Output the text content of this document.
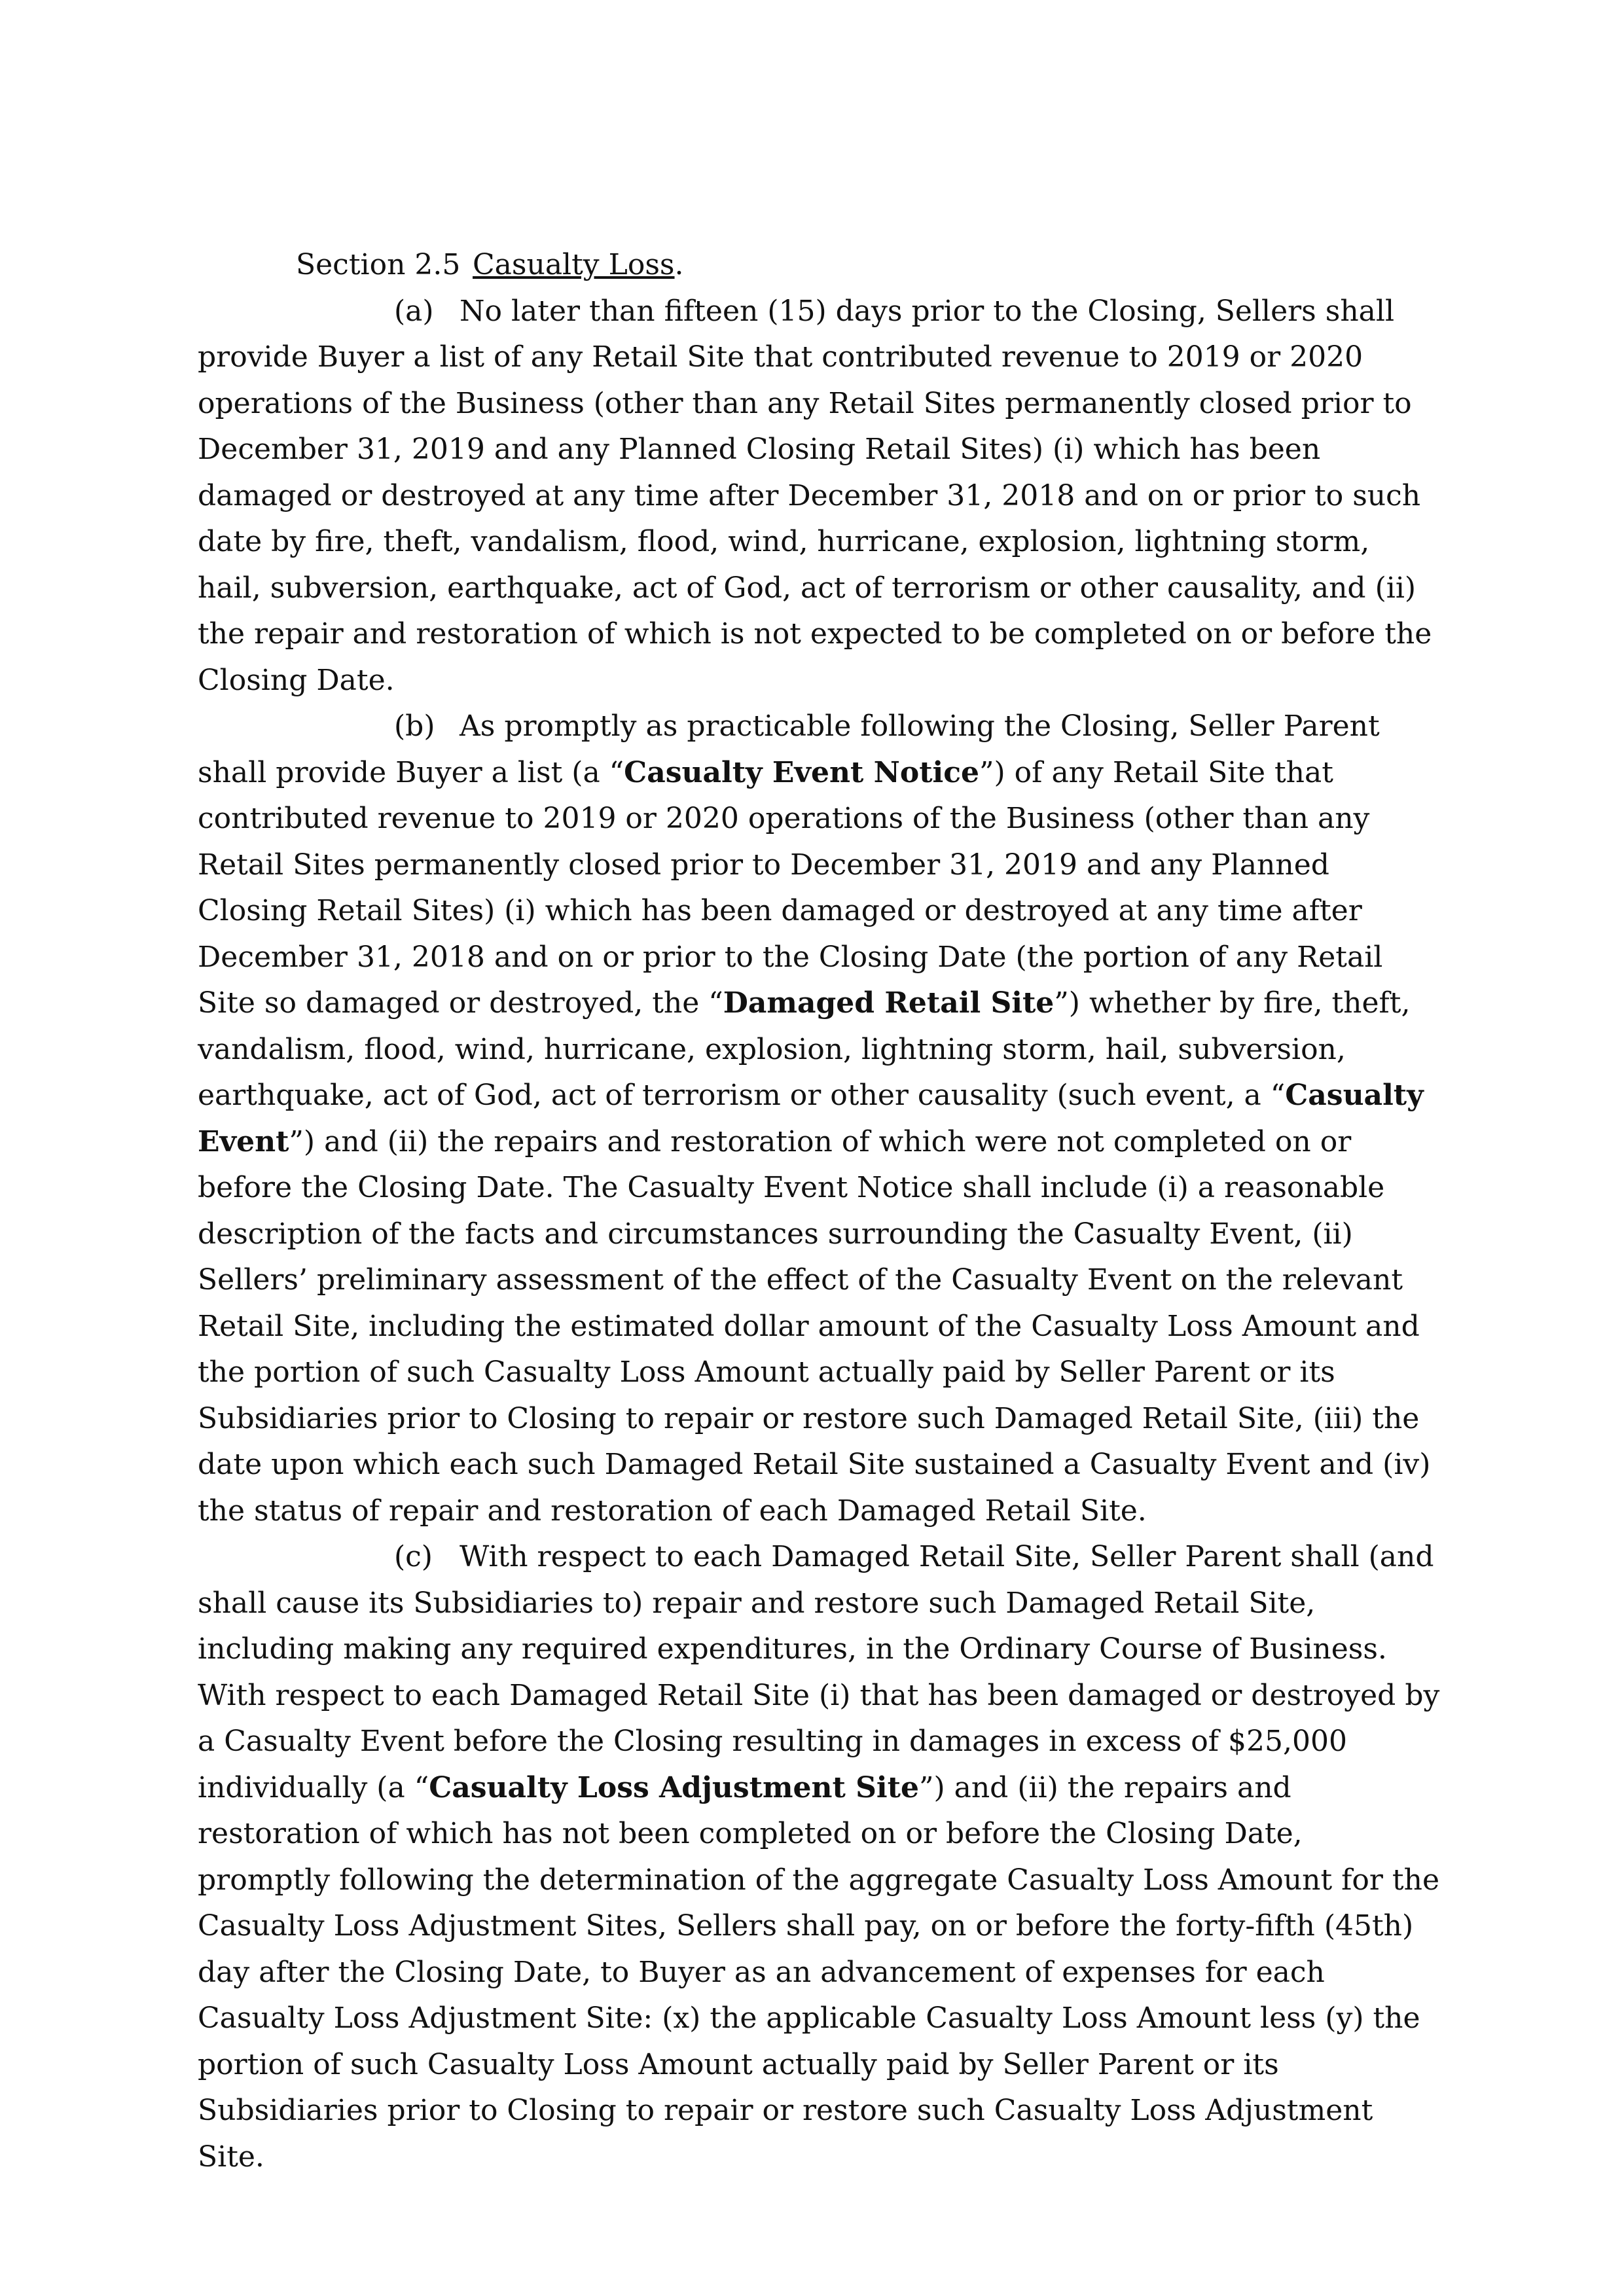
Section 2.5 Casualty Loss.

(a) No later than fifteen (15) days prior to the Closing, Sellers shall provide Buyer a list of any Retail Site that contributed revenue to 2019 or 2020 operations of the Business (other than any Retail Sites permanently closed prior to December 31, 2019 and any Planned Closing Retail Sites) (i) which has been damaged or destroyed at any time after December 31, 2018 and on or prior to such date by fire, theft, vandalism, flood, wind, hurricane, explosion, lightning storm, hail, subversion, earthquake, act of God, act of terrorism or other causality, and (ii) the repair and restoration of which is not expected to be completed on or before the Closing Date.

(b) As promptly as practicable following the Closing, Seller Parent shall provide Buyer a list (a “Casualty Event Notice”) of any Retail Site that contributed revenue to 2019 or 2020 operations of the Business (other than any Retail Sites permanently closed prior to December 31, 2019 and any Planned Closing Retail Sites) (i) which has been damaged or destroyed at any time after December 31, 2018 and on or prior to the Closing Date (the portion of any Retail Site so damaged or destroyed, the “Damaged Retail Site”) whether by fire, theft, vandalism, flood, wind, hurricane, explosion, lightning storm, hail, subversion, earthquake, act of God, act of terrorism or other causality (such event, a “Casualty Event”) and (ii) the repairs and restoration of which were not completed on or before the Closing Date. The Casualty Event Notice shall include (i) a reasonable description of the facts and circumstances surrounding the Casualty Event, (ii) Sellers’ preliminary assessment of the effect of the Casualty Event on the relevant Retail Site, including the estimated dollar amount of the Casualty Loss Amount and the portion of such Casualty Loss Amount actually paid by Seller Parent or its Subsidiaries prior to Closing to repair or restore such Damaged Retail Site, (iii) the date upon which each such Damaged Retail Site sustained a Casualty Event and (iv) the status of repair and restoration of each Damaged Retail Site.

(c) With respect to each Damaged Retail Site, Seller Parent shall (and shall cause its Subsidiaries to) repair and restore such Damaged Retail Site, including making any required expenditures, in the Ordinary Course of Business. With respect to each Damaged Retail Site (i) that has been damaged or destroyed by a Casualty Event before the Closing resulting in damages in excess of $25,000 individually (a “Casualty Loss Adjustment Site”) and (ii) the repairs and restoration of which has not been completed on or before the Closing Date, promptly following the determination of the aggregate Casualty Loss Amount for the Casualty Loss Adjustment Sites, Sellers shall pay, on or before the forty-fifth (45th) day after the Closing Date, to Buyer as an advancement of expenses for each Casualty Loss Adjustment Site: (x) the applicable Casualty Loss Amount less (y) the portion of such Casualty Loss Amount actually paid by Seller Parent or its Subsidiaries prior to Closing to repair or restore such Casualty Loss Adjustment Site.
